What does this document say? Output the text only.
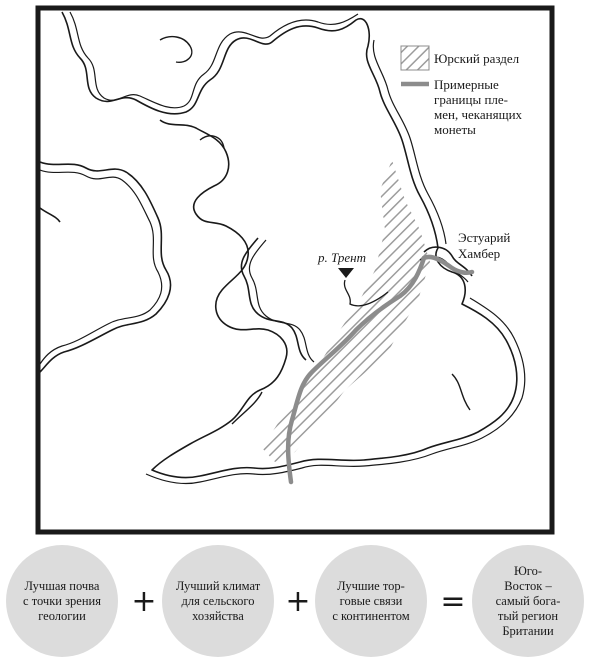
Юрский раздел
Примерные границы пле- мен, чеканящих монеты
Эстуарий Хамбер
р. Трент
Лучшая почва
с точки зрения
геологии	+ Лучший климат
для сельского
хозяйства	+	Лучшие тор-
говые связи
с континентом =
Юго-
Восток –
самый бога-
тый регион
Британии
